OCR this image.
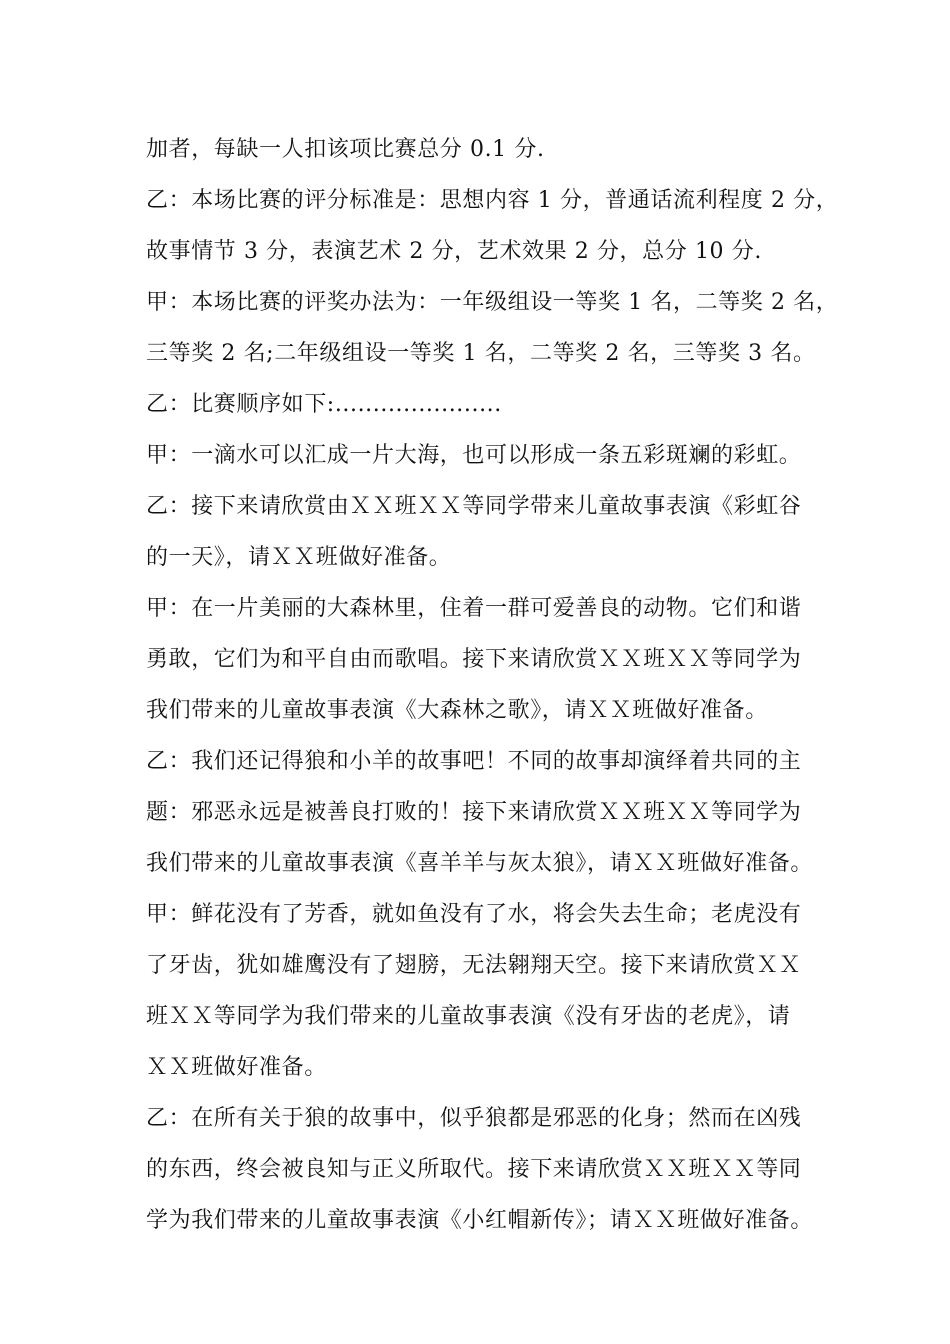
加者，每缺一人扣该项比赛总分 0.1 分.
乙：本场比赛的评分标准是：思想内容 1 分，普通话流利程度 2 分，
故事情节 3 分，表演艺术 2 分，艺术效果 2 分，总分 10 分.
甲：本场比赛的评奖办法为：一年级组设一等奖 1 名，二等奖 2 名，
三等奖 2 名;二年级组设一等奖 1 名，二等奖 2 名，三等奖 3 名。
乙：比赛顺序如下:......................
甲：一滴水可以汇成一片大海，也可以形成一条五彩斑斓的彩虹。
乙：接下来请欣赏由ＸＸ班ＸＸ等同学带来儿童故事表演《彩虹谷
的一天》，请ＸＸ班做好准备。
甲：在一片美丽的大森林里，住着一群可爱善良的动物。它们和谐
勇敢，它们为和平自由而歌唱。接下来请欣赏ＸＸ班ＸＸ等同学为
我们带来的儿童故事表演《大森林之歌》，请ＸＸ班做好准备。
乙：我们还记得狼和小羊的故事吧！不同的故事却演绎着共同的主
题：邪恶永远是被善良打败的！接下来请欣赏ＸＸ班ＸＸ等同学为
我们带来的儿童故事表演《喜羊羊与灰太狼》，请ＸＸ班做好准备。
甲：鲜花没有了芳香，就如鱼没有了水，将会失去生命；老虎没有
了牙齿，犹如雄鹰没有了翅膀，无法翱翔天空。接下来请欣赏ＸＸ
班ＸＸ等同学为我们带来的儿童故事表演《没有牙齿的老虎》，请
ＸＸ班做好准备。
乙：在所有关于狼的故事中，似乎狼都是邪恶的化身；然而在凶残
的东西，终会被良知与正义所取代。接下来请欣赏ＸＸ班ＸＸ等同
学为我们带来的儿童故事表演《小红帽新传》；请ＸＸ班做好准备。
